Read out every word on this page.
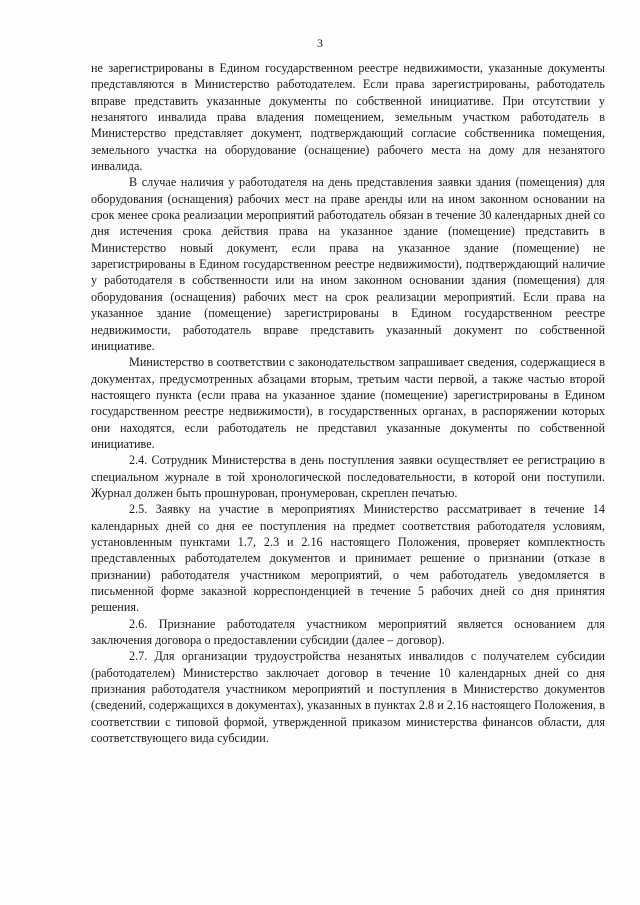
3

не зарегистрированы в Едином государственном реестре недвижимости, указанные документы представляются в Министерство работодателем. Если права зарегистрированы, работодатель вправе представить указанные документы по собственной инициативе. При отсутствии у незанятого инвалида права владения помещением, земельным участком работодатель в Министерство представляет документ, подтверждающий согласие собственника помещения, земельного участка на оборудование (оснащение) рабочего места на дому для незанятого инвалида.

В случае наличия у работодателя на день представления заявки здания (помещения) для оборудования (оснащения) рабочих мест на праве аренды или на ином законном основании на срок менее срока реализации мероприятий работодатель обязан в течение 30 календарных дней со дня истечения срока действия права на указанное здание (помещение) представить в Министерство новый документ, если права на указанное здание (помещение) не зарегистрированы в Едином государственном реестре недвижимости), подтверждающий наличие у работодателя в собственности или на ином законном основании здания (помещения) для оборудования (оснащения) рабочих мест на срок реализации мероприятий. Если права на указанное здание (помещение) зарегистрированы в Едином государственном реестре недвижимости, работодатель вправе представить указанный документ по собственной инициативе.

Министерство в соответствии с законодательством запрашивает сведения, содержащиеся в документах, предусмотренных абзацами вторым, третьим части первой, а также частью второй настоящего пункта (если права на указанное здание (помещение) зарегистрированы в Едином государственном реестре недвижимости), в государственных органах, в распоряжении которых они находятся, если работодатель не представил указанные документы по собственной инициативе.

2.4. Сотрудник Министерства в день поступления заявки осуществляет ее регистрацию в специальном журнале в той хронологической последовательности, в которой они поступили. Журнал должен быть прошнурован, пронумерован, скреплен печатью.

2.5. Заявку на участие в мероприятиях Министерство рассматривает в течение 14 календарных дней со дня ее поступления на предмет соответствия работодателя условиям, установленным пунктами 1.7, 2.3 и 2.16 настоящего Положения, проверяет комплектность представленных работодателем документов и принимает решение о признании (отказе в признании) работодателя участником мероприятий, о чем работодатель уведомляется в письменной форме заказной корреспонденцией в течение 5 рабочих дней со дня принятия решения.

2.6. Признание работодателя участником мероприятий является основанием для заключения договора о предоставлении субсидии (далее – договор).

2.7. Для организации трудоустройства незанятых инвалидов с получателем субсидии (работодателем) Министерство заключает договор в течение 10 календарных дней со дня признания работодателя участником мероприятий и поступления в Министерство документов (сведений, содержащихся в документах), указанных в пунктах 2.8 и 2.16 настоящего Положения, в соответствии с типовой формой, утвержденной приказом министерства финансов области, для соответствующего вида субсидии.
